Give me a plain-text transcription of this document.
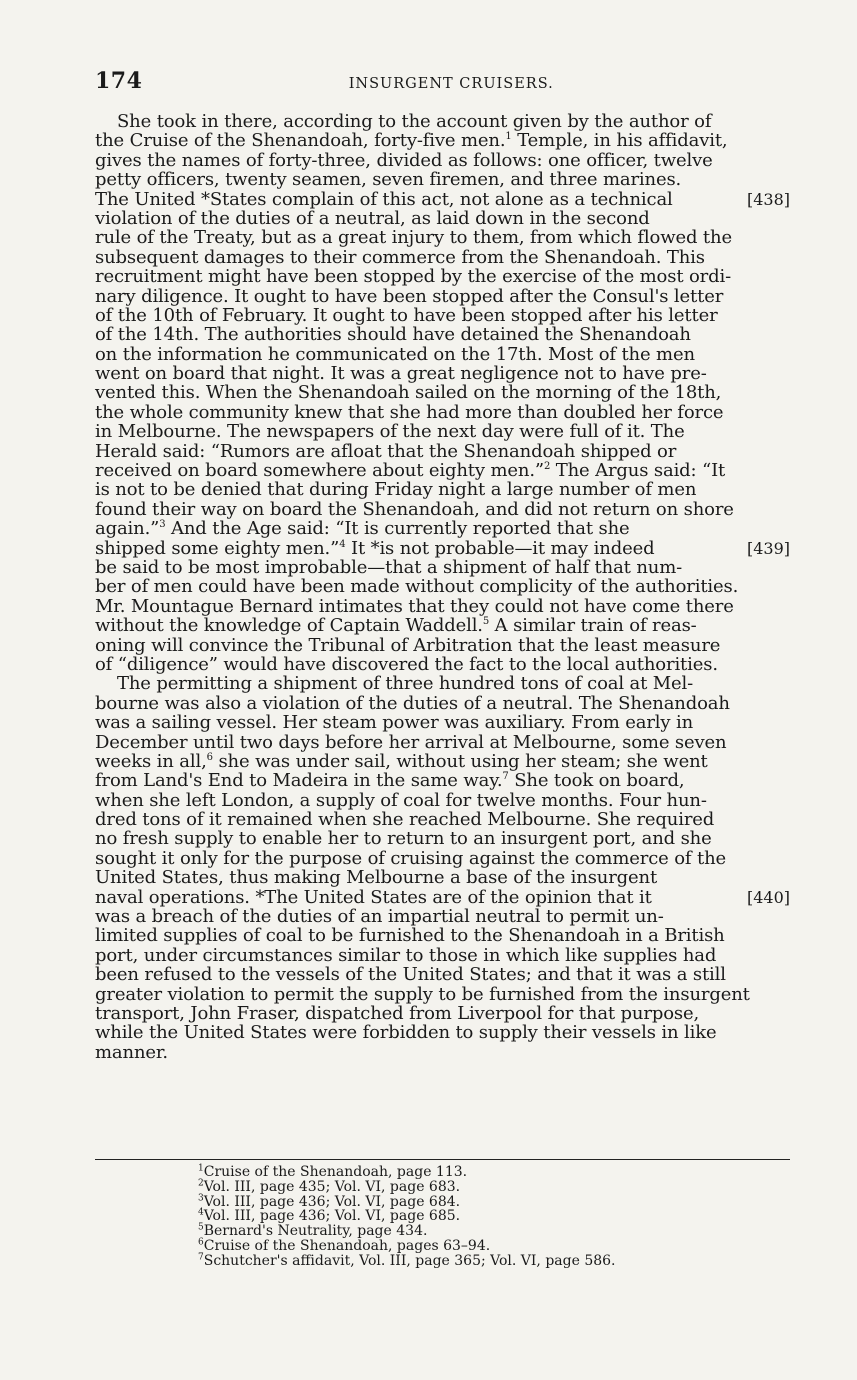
174	INSURGENT CRUISERS.
She took in there, according to the account given by the author of
the Cruise of the Shenandoah, forty-five men.$^1$ Temple, in his affidavit,
gives the names of forty-three, divided as follows: one officer, twelve
petty officers, twenty seamen, seven firemen, and three marines.
The United *States complain of this act, not alone as a technical	[438]
violation of the duties of a neutral, as laid down in the second
rule of the Treaty, but as a great injury to them, from which flowed the
subsequent damages to their commerce from the Shenandoah. This
recruitment might have been stopped by the exercise of the most ordi-
nary diligence. It ought to have been stopped after the Consul's letter
of the 10th of February. It ought to have been stopped after his letter
of the 14th. The authorities should have detained the Shenandoah
on the information he communicated on the 17th. Most of the men
went on board that night. It was a great negligence not to have pre-
vented this. When the Shenandoah sailed on the morning of the 18th,
the whole community knew that she had more than doubled her force
in Melbourne. The newspapers of the next day were full of it. The
Herald said: “Rumors are afloat that the Shenandoah shipped or
received on board somewhere about eighty men.”$^2$ The Argus said: “It
is not to be denied that during Friday night a large number of men
found their way on board the Shenandoah, and did not return on shore
again.”$^3$ And the Age said: “It is currently reported that she
shipped some eighty men.”$^4$ It *is not probable—it may indeed	[439]
be said to be most improbable—that a shipment of half that num-
ber of men could have been made without complicity of the authorities.
Mr. Mountague Bernard intimates that they could not have come there
without the knowledge of Captain Waddell.$^5$ A similar train of reas-
oning will convince the Tribunal of Arbitration that the least measure
of “diligence” would have discovered the fact to the local authorities.
The permitting a shipment of three hundred tons of coal at Mel-
bourne was also a violation of the duties of a neutral. The Shenandoah
was a sailing vessel. Her steam power was auxiliary. From early in
December until two days before her arrival at Melbourne, some seven
weeks in all,$^6$ she was under sail, without using her steam; she went
from Land's End to Madeira in the same way.$^7$ She took on board,
when she left London, a supply of coal for twelve months. Four hun-
dred tons of it remained when she reached Melbourne. She required
no fresh supply to enable her to return to an insurgent port, and she
sought it only for the purpose of cruising against the commerce of the
United States, thus making Melbourne a base of the insurgent
naval operations. *The United States are of the opinion that it	[440]
was a breach of the duties of an impartial neutral to permit un-
limited supplies of coal to be furnished to the Shenandoah in a British
port, under circumstances similar to those in which like supplies had
been refused to the vessels of the United States; and that it was a still
greater violation to permit the supply to be furnished from the insurgent
transport, John Fraser, dispatched from Liverpool for that purpose,
while the United States were forbidden to supply their vessels in like
manner.
$^1$Cruise of the Shenandoah, page 113.
$^2$Vol. III, page 435; Vol. VI, page 683.
$^3$Vol. III, page 436; Vol. VI, page 684.
$^4$Vol. III, page 436; Vol. VI, page 685.
$^5$Bernard's Neutrality, page 434.
$^6$Cruise of the Shenandoah, pages 63–94.
$^7$Schutcher's affidavit, Vol. III, page 365; Vol. VI, page 586.
